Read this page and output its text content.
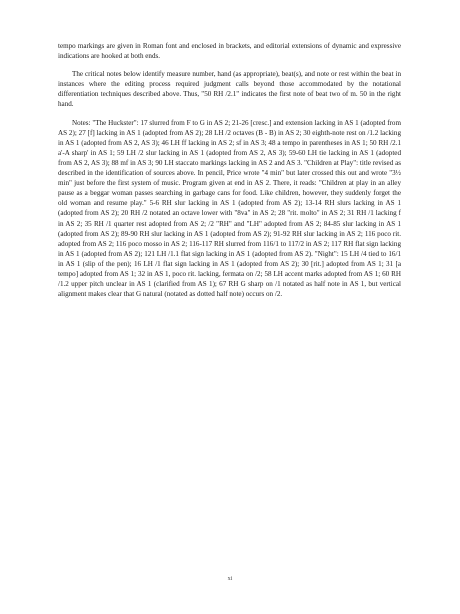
tempo markings are given in Roman font and enclosed in brackets, and editorial extensions of dynamic and expressive indications are hooked at both ends.

The critical notes below identify measure number, hand (as appropriate), beat(s), and note or rest within the beat in instances where the editing process required judgment calls beyond those accommodated by the notational differentiation techniques described above. Thus, "50 RH /2.1" indicates the first note of beat two of m. 50 in the right hand.

Notes: "The Huckster": 17 slurred from F to G in AS 2; 21-26 [cresc.] and extension lacking in AS 1 (adopted from AS 2); 27 [f] lacking in AS 1 (adopted from AS 2); 28 LH /2 octaves (B - B) in AS 2; 30 eighth-note rest on /1.2 lacking in AS 1 (adopted from AS 2, AS 3); 46 LH ff lacking in AS 2; sf in AS 3; 48 a tempo in parentheses in AS 1; 50 RH /2.1 a'-A sharp' in AS 1; 59 LH /2 slur lacking in AS 1 (adopted from AS 2, AS 3); 59-60 LH tie lacking in AS 1 (adopted from AS 2, AS 3); 88 mf in AS 3; 90 LH staccato markings lacking in AS 2 and AS 3. "Children at Play": title revised as described in the identification of sources above. In pencil, Price wrote "4 min" but later crossed this out and wrote "3½ min" just before the first system of music. Program given at end in AS 2. There, it reads: "Children at play in an alley pause as a beggar woman passes searching in garbage cans for food. Like children, however, they suddenly forget the old woman and resume play." 5-6 RH slur lacking in AS 1 (adopted from AS 2); 13-14 RH slurs lacking in AS 1 (adopted from AS 2); 20 RH /2 notated an octave lower with "8va" in AS 2; 28 "rit. molto" in AS 2; 31 RH /1 lacking f in AS 2; 35 RH /1 quarter rest adopted from AS 2; /2 "RH" and "LH" adopted from AS 2; 84-85 slur lacking in AS 1 (adopted from AS 2); 89-90 RH slur lacking in AS 1 (adopted from AS 2); 91-92 RH slur lacking in AS 2; 116 poco rit. adopted from AS 2; 116 poco mosso in AS 2; 116-117 RH slurred from 116/1 to 117/2 in AS 2; 117 RH flat sign lacking in AS 1 (adopted from AS 2); 121 LH /1.1 flat sign lacking in AS 1 (adopted from AS 2). "Night": 15 LH /4 tied to 16/1 in AS 1 (slip of the pen); 16 LH /1 flat sign lacking in AS 1 (adopted from AS 2); 30 [rit.] adopted from AS 1; 31 [a tempo] adopted from AS 1; 32 in AS 1, poco rit. lacking, fermata on /2; 58 LH accent marks adopted from AS 1; 60 RH /1.2 upper pitch unclear in AS 1 (clarified from AS 1); 67 RH G sharp on /1 notated as half note in AS 1, but vertical alignment makes clear that G natural (notated as dotted half note) occurs on /2.

xi
